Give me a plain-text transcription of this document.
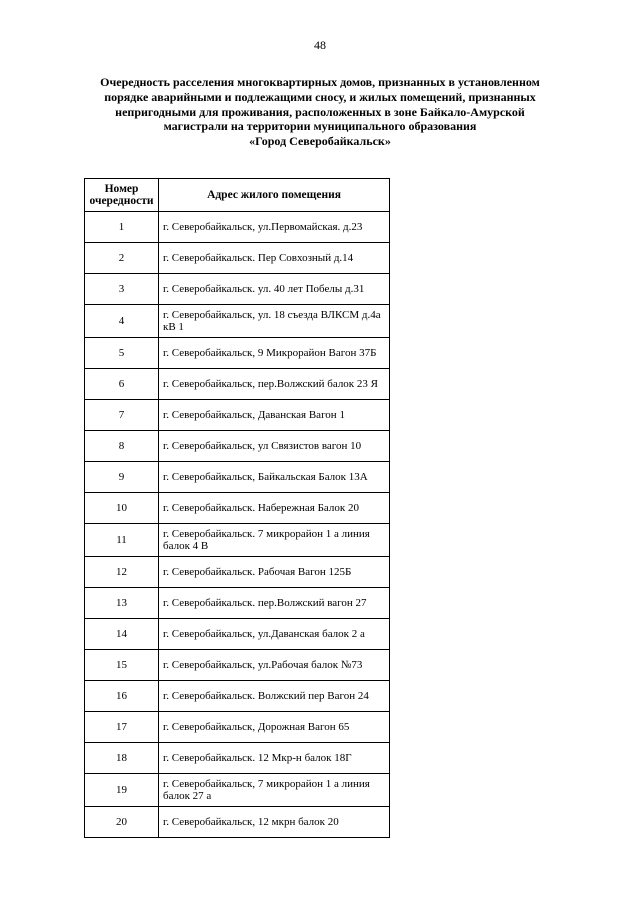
48
Очередность расселения многоквартирных домов, признанных в установленном
порядке аварийными и подлежащими сносу, и жилых помещений, признанных
непригодными для проживания, расположенных в зоне Байкало-Амурской
магистрали на территории муниципального образования
«Город Северобайкальск»
Номер
очередности	Адрес жилого помещения
1	г. Северобайкальск, ул.Первомайская. д.23
2	г. Северобайкальск. Пер Совхозный д.14
3	г. Северобайкальск. ул. 40 лет Побелы д.31
4	г. Северобайкальск, ул. 18 съезда ВЛКСМ д.4а кВ 1
5	г. Северобайкальск, 9 Микрорайон Вагон 37Б
6	г. Северобайкальск, пер.Волжский балок 23 Я
7	г. Северобайкальск, Даванская Вагон 1
8	г. Северобайкальск, ул Связистов вагон 10
9	г. Северобайкальск, Байкальская Балок 13А
10	г. Северобайкальск. Набережная Балок 20
11	г. Северобайкальск. 7 микрорайон 1 а линия балок 4 В
12	г. Северобайкальск. Рабочая Вагон 125Б
13	г. Северобайкальск. пер.Волжский вагон 27
14	г. Северобайкальск, ул.Даванская балок 2 а
15	г. Северобайкальск, ул.Рабочая балок №73
16	г. Северобайкальск. Волжский пер Вагон 24
17	г. Северобайкальск, Дорожная Вагон 65
18	г. Северобайкальск. 12 Мкр-н балок 18Г
19	г. Северобайкальск, 7 микрорайон 1 а линия балок 27 а
20	г. Северобайкальск, 12 мкрн балок 20
